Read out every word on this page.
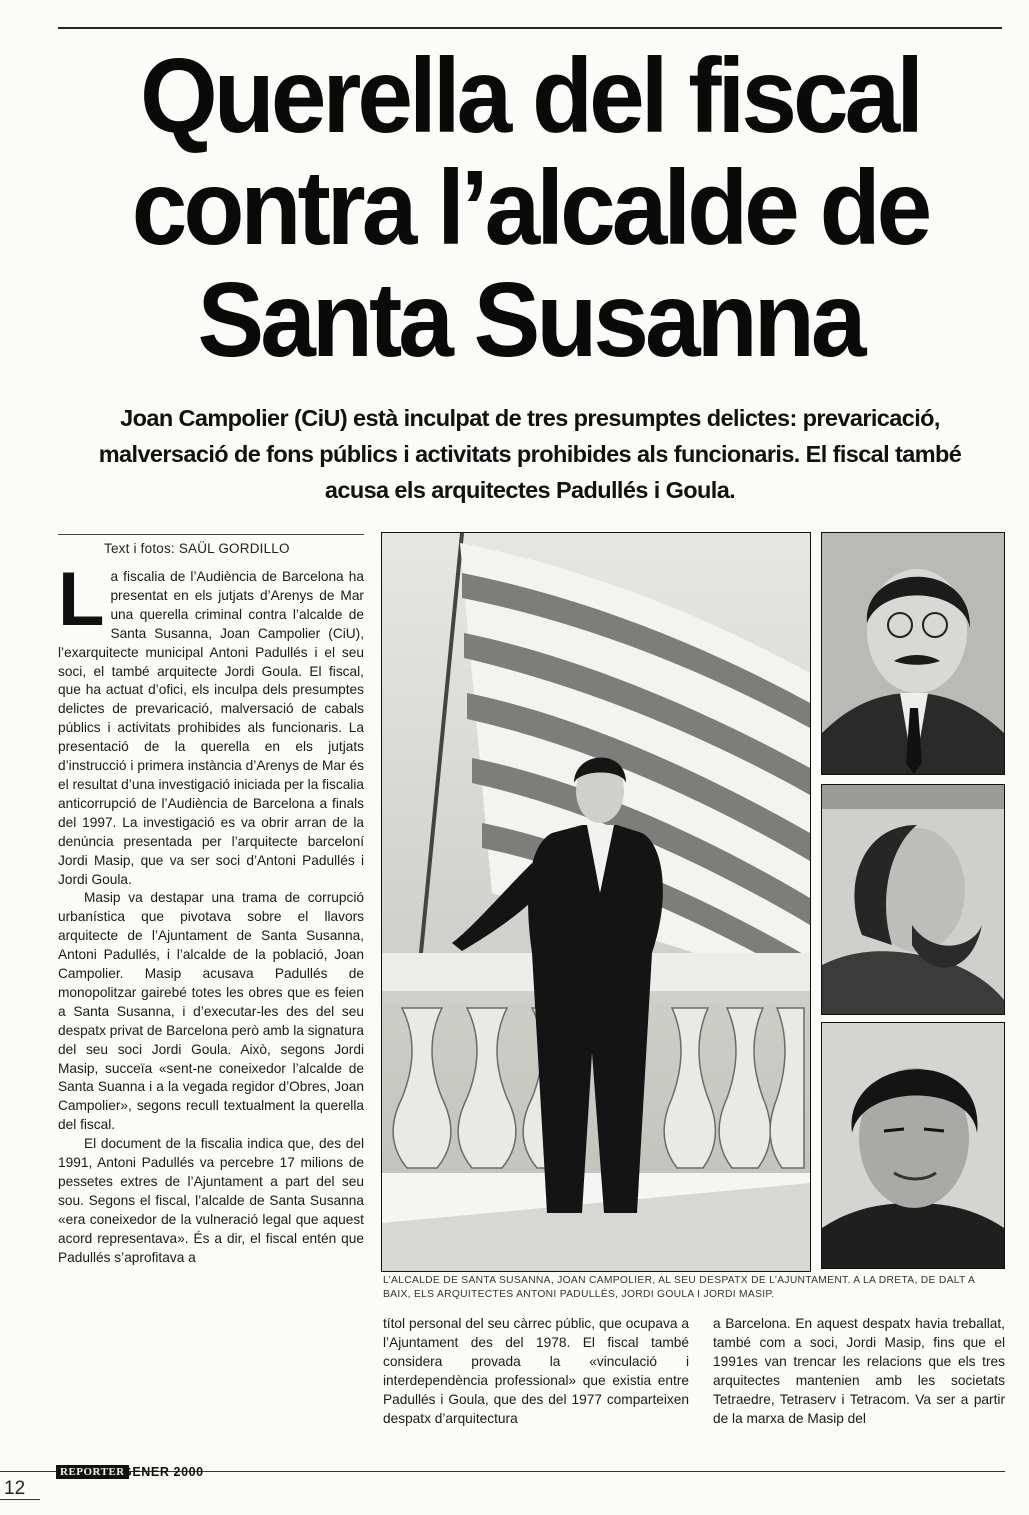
Querella del fiscal
contra l’alcalde de
Santa Susanna

Joan Campolier (CiU) està inculpat de tres presumptes delictes: prevaricació, malversació de fons públics i activitats prohibides als funcionaris. El fiscal també acusa els arquitectes Padullés i Goula.

Text i fotos: SAÜL GORDILLO

La fiscalia de l’Audiència de Barcelona ha presentat en els jutjats d’Arenys de Mar una querella criminal contra l’alcalde de Santa Susanna, Joan Campolier (CiU), l’exarquitecte municipal Antoni Padullés i el seu soci, el també arquitecte Jordi Goula. El fiscal, que ha actuat d’ofici, els inculpa dels presumptes delictes de prevaricació, malversació de cabals públics i activitats prohibides als funcionaris. La presentació de la querella en els jutjats d’instrucció i primera instància d’Arenys de Mar és el resultat d’una investigació iniciada per la fiscalia anticorrupció de l’Audiència de Barcelona a finals del 1997. La investigació es va obrir arran de la denúncia presentada per l’arquitecte barceloní Jordi Masip, que va ser soci d’Antoni Padullés i Jordi Goula.

Masip va destapar una trama de corrupció urbanística que pivotava sobre el llavors arquitecte de l’Ajuntament de Santa Susanna, Antoni Padullés, i l’alcalde de la població, Joan Campolier. Masip acusava Padullés de monopolitzar gairebé totes les obres que es feien a Santa Susanna, i d’executar-les des del seu despatx privat de Barcelona però amb la signatura del seu soci Jordi Goula. Això, segons Jordi Masip, succeïa «sent-ne coneixedor l’alcalde de Santa Suanna i a la vegada regidor d’Obres, Joan Campolier», segons recull textualment la querella del fiscal.

El document de la fiscalia indica que, des del 1991, Antoni Padullés va percebre 17 milions de pessetes extres de l’Ajuntament a part del seu sou. Segons el fiscal, l’alcalde de Santa Susanna «era coneixedor de la vulneració legal que aquest acord representava». És a dir, el fiscal entén que Padullés s’aprofitava a

L’ALCALDE DE SANTA SUSANNA, JOAN CAMPOLIER, AL SEU DESPATX DE L’AJUNTAMENT. A LA DRETA, DE DALT A BAIX, ELS ARQUITECTES ANTONI PADULLÉS, JORDI GOULA I JORDI MASIP.

títol personal del seu càrrec públic, que ocupava a l’Ajuntament des del 1978. El fiscal també considera provada la «vinculació i interdependència professional» que existia entre Padullés i Goula, que des del 1977 comparteixen despatx d’arquitectura

a Barcelona. En aquest despatx havia treballat, també com a soci, Jordi Masip, fins que el 1991es van trencar les relacions que els tres arquitectes mantenien amb les societats Tetraedre, Tetraserv i Tetracom. Va ser a partir de la marxa de Masip del

12
REPORTER
GENER 2000
